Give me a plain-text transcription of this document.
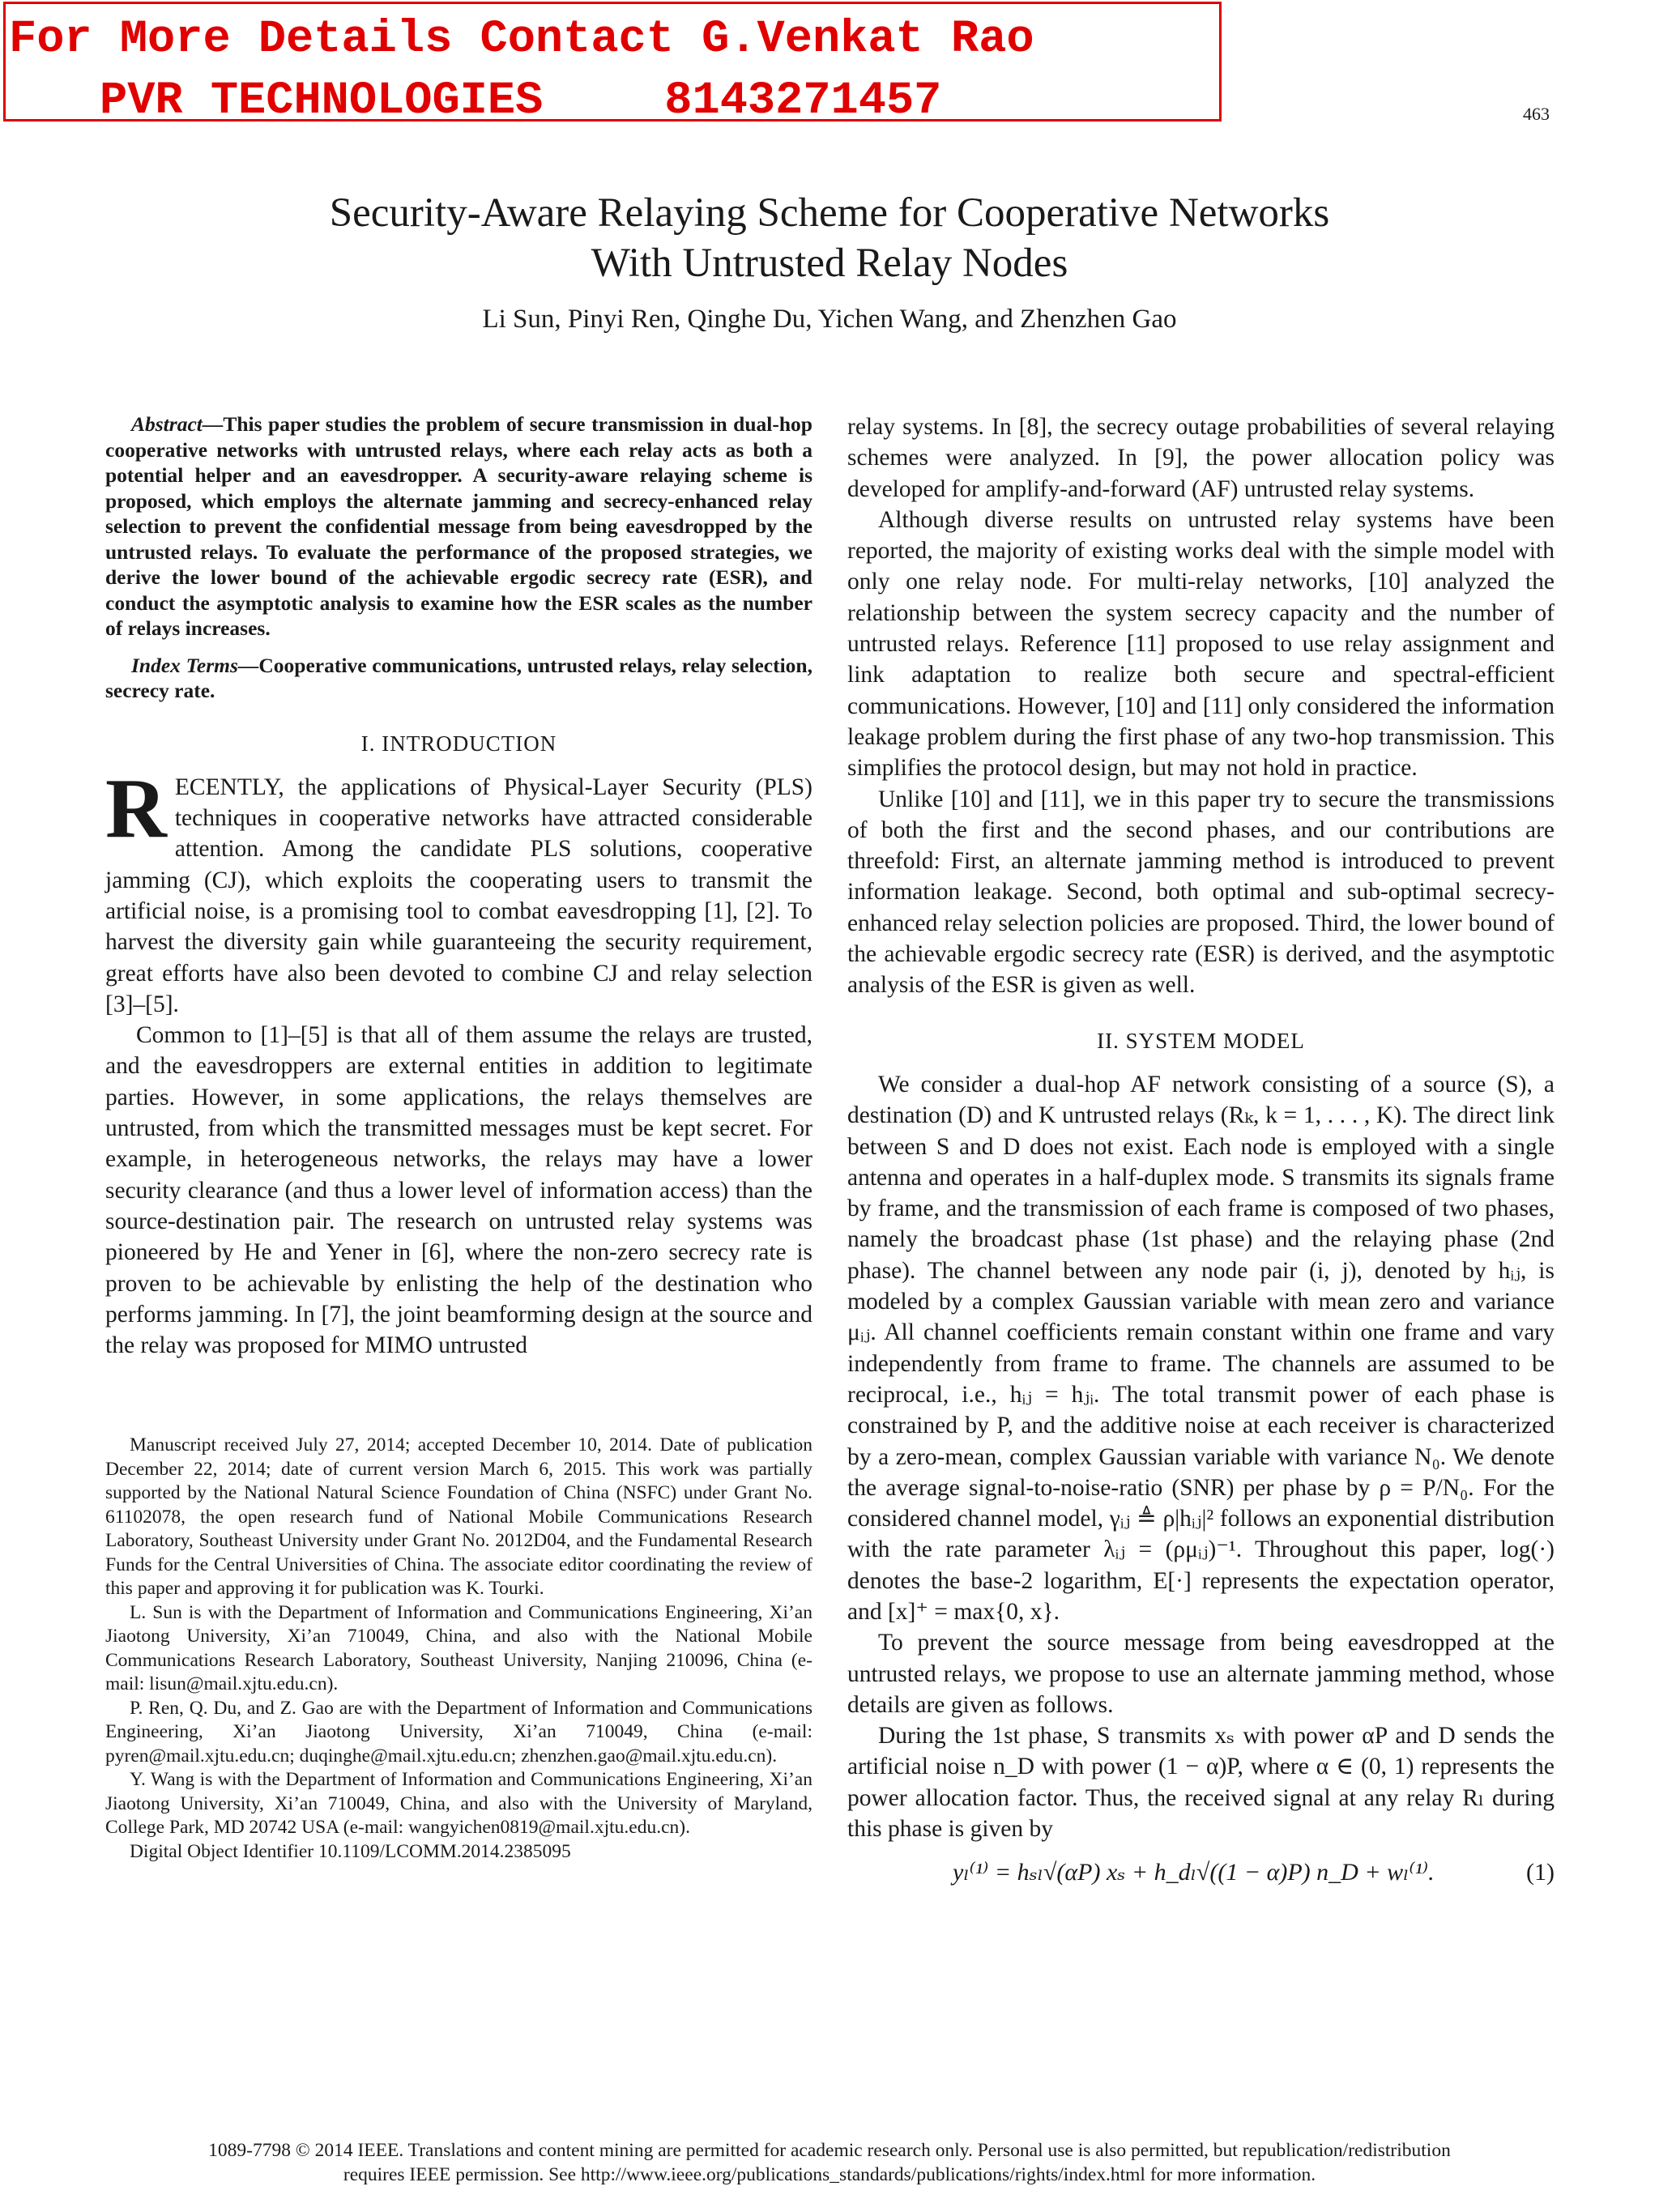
For More Details Contact G.Venkat Rao
PVR TECHNOLOGIES	8143271457	463
Security-Aware Relaying Scheme for Cooperative Networks
With Untrusted Relay Nodes
Li Sun, Pinyi Ren, Qinghe Du, Yichen Wang, and Zhenzhen Gao

Abstract—This paper studies the problem of secure transmission in dual-hop cooperative networks with untrusted relays, where each relay acts as both a potential helper and an eavesdropper. A security-aware relaying scheme is proposed, which employs the alternate jamming and secrecy-enhanced relay selection to prevent the confidential message from being eavesdropped by the untrusted relays. To evaluate the performance of the proposed strategies, we derive the lower bound of the achievable ergodic secrecy rate (ESR), and conduct the asymptotic analysis to examine how the ESR scales as the number of relays increases.

Index Terms—Cooperative communications, untrusted relays, relay selection, secrecy rate.

I. INTRODUCTION

RECENTLY, the applications of Physical-Layer Security (PLS) techniques in cooperative networks have attracted considerable attention. Among the candidate PLS solutions, cooperative jamming (CJ), which exploits the cooperating users to transmit the artificial noise, is a promising tool to combat eavesdropping [1], [2]. To harvest the diversity gain while guaranteeing the security requirement, great efforts have also been devoted to combine CJ and relay selection [3]–[5].

Common to [1]–[5] is that all of them assume the relays are trusted, and the eavesdroppers are external entities in addition to legitimate parties. However, in some applications, the relays themselves are untrusted, from which the transmitted messages must be kept secret. For example, in heterogeneous networks, the relays may have a lower security clearance (and thus a lower level of information access) than the source-destination pair. The research on untrusted relay systems was pioneered by He and Yener in [6], where the non-zero secrecy rate is proven to be achievable by enlisting the help of the destination who performs jamming. In [7], the joint beamforming design at the source and the relay was proposed for MIMO untrusted

Manuscript received July 27, 2014; accepted December 10, 2014. Date of publication December 22, 2014; date of current version March 6, 2015. This work was partially supported by the National Natural Science Foundation of China (NSFC) under Grant No. 61102078, the open research fund of National Mobile Communications Research Laboratory, Southeast University under Grant No. 2012D04, and the Fundamental Research Funds for the Central Universities of China. The associate editor coordinating the review of this paper and approving it for publication was K. Tourki.

L. Sun is with the Department of Information and Communications Engineering, Xi’an Jiaotong University, Xi’an 710049, China, and also with the National Mobile Communications Research Laboratory, Southeast University, Nanjing 210096, China (e-mail: lisun@mail.xjtu.edu.cn).

P. Ren, Q. Du, and Z. Gao are with the Department of Information and Communications Engineering, Xi’an Jiaotong University, Xi’an 710049, China (e-mail: pyren@mail.xjtu.edu.cn; duqinghe@mail.xjtu.edu.cn; zhenzhen.gao@mail.xjtu.edu.cn).

Y. Wang is with the Department of Information and Communications Engineering, Xi’an Jiaotong University, Xi’an 710049, China, and also with the University of Maryland, College Park, MD 20742 USA (e-mail: wangyichen0819@mail.xjtu.edu.cn).

Digital Object Identifier 10.1109/LCOMM.2014.2385095

relay systems. In [8], the secrecy outage probabilities of several relaying schemes were analyzed. In [9], the power allocation policy was developed for amplify-and-forward (AF) untrusted relay systems.

Although diverse results on untrusted relay systems have been reported, the majority of existing works deal with the simple model with only one relay node. For multi-relay networks, [10] analyzed the relationship between the system secrecy capacity and the number of untrusted relays. Reference [11] proposed to use relay assignment and link adaptation to realize both secure and spectral-efficient communications. However, [10] and [11] only considered the information leakage problem during the first phase of any two-hop transmission. This simplifies the protocol design, but may not hold in practice.

Unlike [10] and [11], we in this paper try to secure the transmissions of both the first and the second phases, and our contributions are threefold: First, an alternate jamming method is introduced to prevent information leakage. Second, both optimal and sub-optimal secrecy-enhanced relay selection policies are proposed. Third, the lower bound of the achievable ergodic secrecy rate (ESR) is derived, and the asymptotic analysis of the ESR is given as well.

II. SYSTEM MODEL

We consider a dual-hop AF network consisting of a source (S), a destination (D) and K untrusted relays (Rₖ, k = 1, . . . , K). The direct link between S and D does not exist. Each node is employed with a single antenna and operates in a half-duplex mode. S transmits its signals frame by frame, and the transmission of each frame is composed of two phases, namely the broadcast phase (1st phase) and the relaying phase (2nd phase). The channel between any node pair (i, j), denoted by hᵢⱼ, is modeled by a complex Gaussian variable with mean zero and variance μᵢⱼ. All channel coefficients remain constant within one frame and vary independently from frame to frame. The channels are assumed to be reciprocal, i.e., hᵢⱼ = hⱼᵢ. The total transmit power of each phase is constrained by P, and the additive noise at each receiver is characterized by a zero-mean, complex Gaussian variable with variance N₀. We denote the average signal-to-noise-ratio (SNR) per phase by ρ = P/N₀. For the considered channel model, γᵢⱼ ≜ ρ|hᵢⱼ|² follows an exponential distribution with the rate parameter λᵢⱼ = (ρμᵢⱼ)⁻¹. Throughout this paper, log(·) denotes the base-2 logarithm, E[·] represents the expectation operator, and [x]⁺ = max{0, x}.

To prevent the source message from being eavesdropped at the untrusted relays, we propose to use an alternate jamming method, whose details are given as follows.

During the 1st phase, S transmits xₛ with power αP and D sends the artificial noise n_D with power (1 − α)P, where α ∈ (0, 1) represents the power allocation factor. Thus, the received signal at any relay Rₗ during this phase is given by

yₗ⁽¹⁾ = hₛₗ√(αP) xₛ + h_dₗ√((1 − α)P) n_D + wₗ⁽¹⁾.	(1)
1089-7798 © 2014 IEEE. Translations and content mining are permitted for academic research only. Personal use is also permitted, but republication/redistribution
requires IEEE permission. See http://www.ieee.org/publications_standards/publications/rights/index.html for more information.
